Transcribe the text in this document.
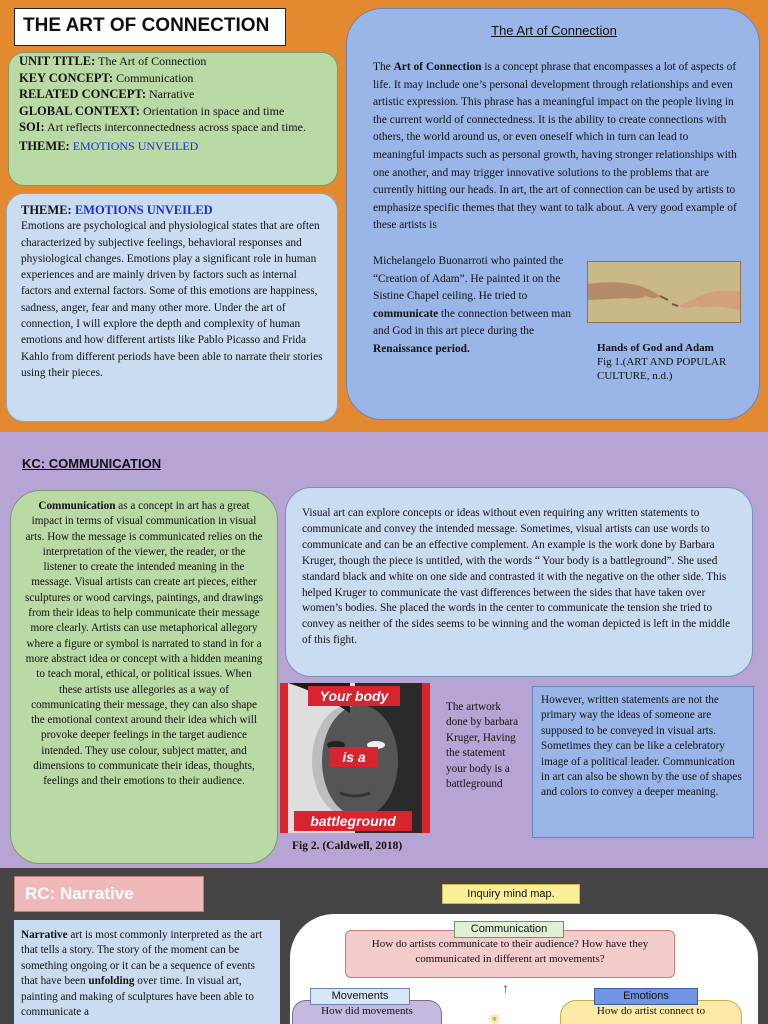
THE ART OF CONNECTION
UNIT TITLE: The Art of Connection
KEY CONCEPT: Communication
RELATED CONCEPT: Narrative
GLOBAL CONTEXT: Orientation in space and time
SOI: Art reflects interconnectedness across space and time.
THEME: EMOTIONS UNVEILED
THEME: EMOTIONS UNVEILED
Emotions are psychological and physiological states that are often characterized by subjective feelings, behavioral responses and physiological changes. Emotions play a significant role in human experiences and are mainly driven by factors such as internal factors and external factors. Some of this emotions are happiness, sadness, anger, fear and many other more. Under the art of connection, I will explore the depth and complexity of human emotions and how different artists like Pablo Picasso and Frida Kahlo from different periods have been able to narrate their stories using their pieces.
The Art of Connection
The Art of Connection is a concept phrase that encompasses a lot of aspects of life. It may include one’s personal development through relationships and even artistic expression. This phrase has a meaningful impact on the people living in the current world of connectedness. It is the ability to create connections with others, the world around us, or even oneself which in turn can lead to meaningful impacts such as personal growth, having stronger relationships with one another, and may trigger innovative solutions to the problems that are currently hitting our heads. In art, the art of connection can be used by artists to emphasize specific themes that they want to talk about. A very good example of these artists is
Michelangelo Buonarroti who painted the “Creation of Adam”. He painted it on the Sistine Chapel ceiling. He tried to communicate the connection between man and God in this art piece during the Renaissance period.	Hands of God and Adam
Fig 1.(ART AND POPULAR CULTURE, n.d.)
KC: COMMUNICATION
Communication as a concept in art has a great impact in terms of visual communication in visual arts. How the message is communicated relies on the interpretation of the viewer, the reader, or the listener to create the intended meaning in the message. Visual artists can create art pieces, either sculptures or wood carvings, paintings, and drawings from their ideas to help communicate their message more clearly. Artists can use metaphorical allegory where a figure or symbol is narrated to stand in for a more abstract idea or concept with a hidden meaning to teach moral, ethical, or political issues. When these artists use allegories as a way of communicating their message, they can also shape the emotional context around their idea which will provoke deeper feelings in the target audience intended. They use colour, subject matter, and dimensions to communicate their ideas, thoughts, feelings and their emotions to their audience.
Visual art can explore concepts or ideas without even requiring any written statements to communicate and convey the intended message. Sometimes, visual artists can use words to communicate and can be an effective complement. An example is the work done by Barbara Kruger, though the piece is untitled, with the words “ Your body is a battleground”. She used standard black and white on one side and contrasted it with the negative on the other side. This helped Kruger to communicate the vast differences between the sides that have taken over women’s bodies. She placed the words in the center to communicate the tension she tried to convey as neither of the sides seems to be winning and the woman depicted is left in the middle of this fight.
Your body
is a
battleground
The artwork done by barbara Kruger, Having the statement your body is a battleground
Fig 2. (Caldwell, 2018)
However, written statements are not the primary way the ideas of someone are supposed to be conveyed in visual arts. Sometimes they can be like a celebratory image of a political leader. Communication in art can also be shown by the use of shapes and colors to convey a deeper meaning.
RC: Narrative
Narrative art is most commonly interpreted as the art that tells a story. The story of the moment can be something ongoing or it can be a sequence of events that have been unfolding over time. In visual art, painting and making of sculptures have been able to communicate a
Inquiry mind map.
How do artists communicate to their audience? How have they communicated in different art movements?
Communication
↑
☀
How did movements
Movements
How do artist connect to
Emotions
